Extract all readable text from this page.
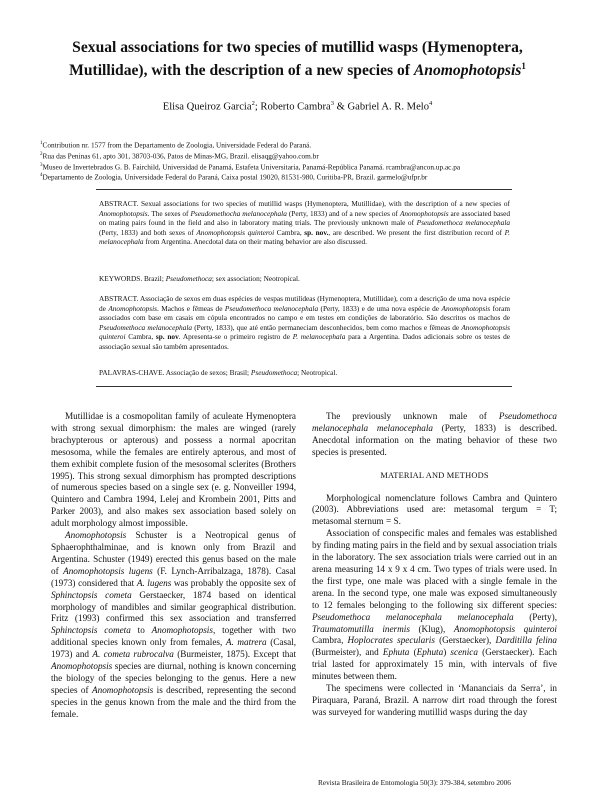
Sexual associations for two species of mutillid wasps (Hymenoptera,
Mutillidae), with the description of a new species of Anomophotopsis$^1$
Elisa Queiroz Garcia$^2$; Roberto Cambra$^3$ & Gabriel A. R. Melo$^4$
$^1$Contribution nr. 1577 from the Departamento de Zoologia, Universidade Federal do Paraná.
$^2$Rua das Peninas 61, apto 301, 38703-036, Patos de Minas-MG, Brazil. elisaqg@yahoo.com.br
$^3$Museo de Invertebrados G. B. Fairchild, Universidad de Panamá, Estafeta Universitaria, Panamá-República Panamá. rcambra@ancon.up.ac.pa
$^4$Departamento de Zoologia, Universidade Federal do Paraná, Caixa postal 19020, 81531-980, Curitiba-PR, Brazil. garmelo@ufpr.br

ABSTRACT. Sexual associations for two species of mutillid wasps (Hymenoptera, Mutillidae), with the description of a new species of Anomophotopsis. The sexes of Pseudomethocha melanocephala (Perty, 1833) and of a new species of Anomophotopsis are associated based on mating pairs found in the field and also in laboratory mating trials. The previously unknown male of Pseudomethoca melanocephala (Perty, 1833) and both sexes of Anomophotopsis quinteroi Cambra, sp. nov., are described. We present the first distribution record of P. melanocephala from Argentina. Anecdotal data on their mating behavior are also discussed.

KEYWORDS. Brazil; Pseudomethoca; sex association; Neotropical.

ABSTRACT. Associação de sexos em duas espécies de vespas mutilídeas (Hymenoptera, Mutillidae), com a descrição de uma nova espécie de Anomophotopsis. Machos e fêmeas de Pseudomethoca melanocephala (Perty, 1833) e de uma nova espécie de Anomophotopsis foram associados com base em casais em cópula encontrados no campo e em testes em condições de laboratório. São descritos os machos de Pseudomethoca melanocephala (Perty, 1833), que até então permaneciam desconhecidos, bem como machos e fêmeas de Anomophotopsis quinteroi Cambra, sp. nov. Apresenta-se o primeiro registro de P. melanocephala para a Argentina. Dados adicionais sobre os testes de associação sexual são também apresentados.

PALAVRAS-CHAVE. Associação de sexos; Brasil; Pseudomethoca; Neotropical.

Mutillidae is a cosmopolitan family of aculeate Hymenoptera with strong sexual dimorphism: the males are winged (rarely brachypterous or apterous) and possess a normal apocritan mesosoma, while the females are entirely apterous, and most of them exhibit complete fusion of the mesosomal sclerites (Brothers 1995). This strong sexual dimorphism has prompted descriptions of numerous species based on a single sex (e. g. Nonveiller 1994, Quintero and Cambra 1994, Lelej and Krombein 2001, Pitts and Parker 2003), and also makes sex association based solely on adult morphology almost impossible.

Anomophotopsis Schuster is a Neotropical genus of Sphaerophthalminae, and is known only from Brazil and Argentina. Schuster (1949) erected this genus based on the male of Anomophotopsis lugens (F. Lynch-Arribalzaga, 1878). Casal (1973) considered that A. lugens was probably the opposite sex of Sphinctopsis cometa Gerstaecker, 1874 based on identical morphology of mandibles and similar geographical distribution. Fritz (1993) confirmed this sex association and transferred Sphinctopsis cometa to Anomophotopsis, together with two additional species known only from females, A. matrera (Casal, 1973) and A. cometa rubrocalva (Burmeister, 1875). Except that Anomophotopsis species are diurnal, nothing is known concerning the biology of the species belonging to the genus. Here a new species of Anomophotopsis is described, representing the second species in the genus known from the male and the third from the female.

The previously unknown male of Pseudomethoca melanocephala melanocephala (Perty, 1833) is described. Anecdotal information on the mating behavior of these two species is presented.

MATERIAL AND METHODS

Morphological nomenclature follows Cambra and Quintero (2003). Abbreviations used are: metasomal tergum = T; metasomal sternum = S.

Association of conspecific males and females was established by finding mating pairs in the field and by sexual association trials in the laboratory. The sex association trials were carried out in an arena measuring 14 x 9 x 4 cm. Two types of trials were used. In the first type, one male was placed with a single female in the arena. In the second type, one male was exposed simultaneously to 12 females belonging to the following six different species: Pseudomethoca melanocephala melanocephala (Perty), Traumatomutilla inermis (Klug), Anomophotopsis quinteroi Cambra, Hoplocrates specularis (Gerstaecker), Darditilla felina (Burmeister), and Ephuta (Ephuta) scenica (Gerstaecker). Each trial lasted for approximately 15 min, with intervals of five minutes between them.

The specimens were collected in ‘Mananciais da Serra’, in Piraquara, Paraná, Brazil. A narrow dirt road through the forest was surveyed for wandering mutillid wasps during the day

Revista Brasileira de Entomologia 50(3): 379-384, setembro 2006
